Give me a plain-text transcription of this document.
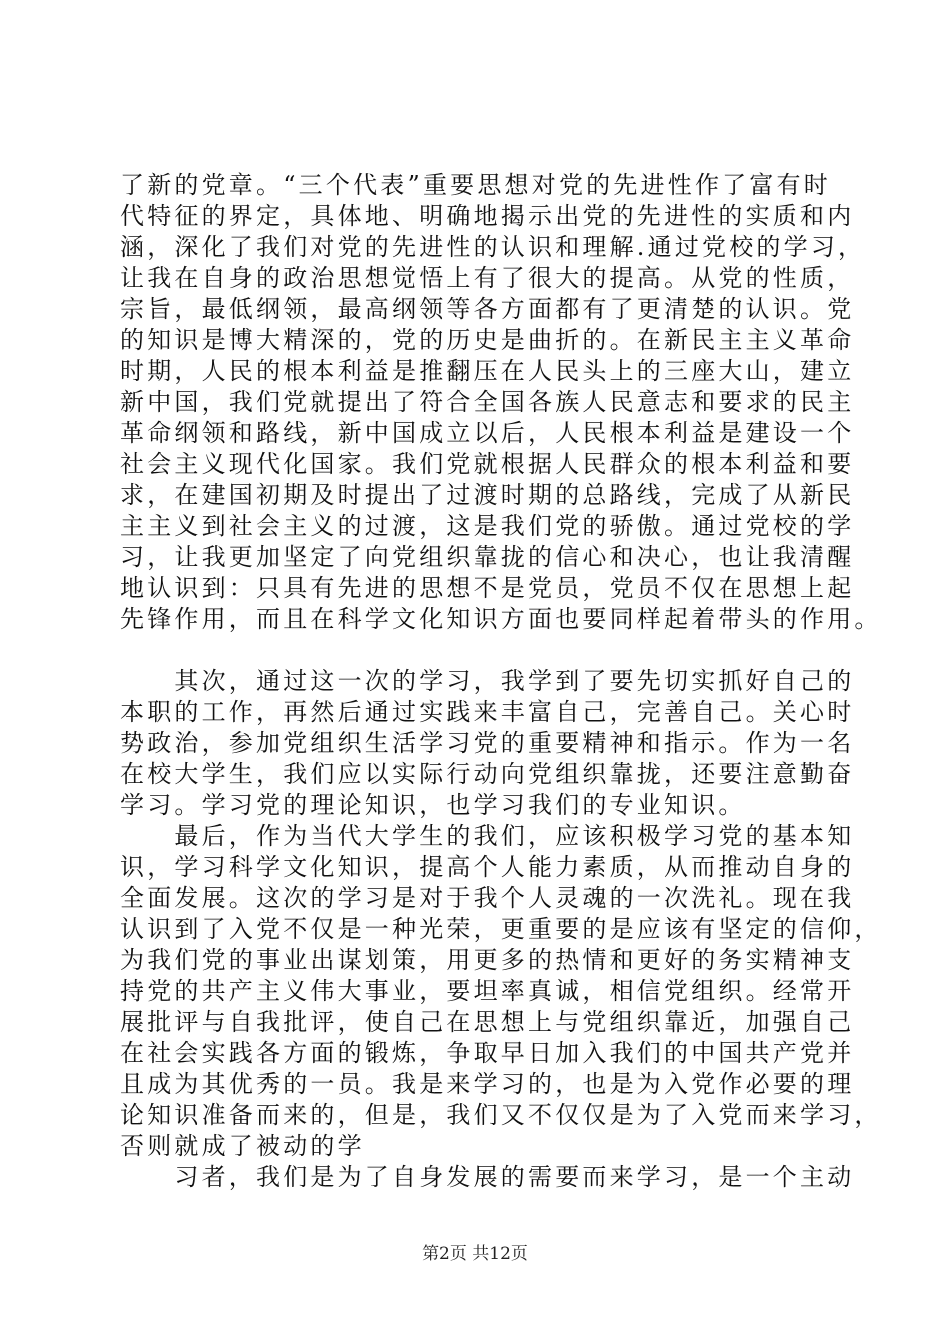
了新的党章。“三个代表”重要思想对党的先进性作了富有时
代特征的界定，具体地、明确地揭示出党的先进性的实质和内
涵，深化了我们对党的先进性的认识和理解.通过党校的学习，
让我在自身的政治思想觉悟上有了很大的提高。从党的性质，
宗旨，最低纲领，最高纲领等各方面都有了更清楚的认识。党
的知识是博大精深的，党的历史是曲折的。在新民主主义革命
时期，人民的根本利益是推翻压在人民头上的三座大山，建立
新中国，我们党就提出了符合全国各族人民意志和要求的民主
革命纲领和路线，新中国成立以后，人民根本利益是建设一个
社会主义现代化国家。我们党就根据人民群众的根本利益和要
求，在建国初期及时提出了过渡时期的总路线，完成了从新民
主主义到社会主义的过渡，这是我们党的骄傲。通过党校的学
习，让我更加坚定了向党组织靠拢的信心和决心，也让我清醒
地认识到：只具有先进的思想不是党员，党员不仅在思想上起
先锋作用，而且在科学文化知识方面也要同样起着带头的作用。
　　其次，通过这一次的学习，我学到了要先切实抓好自己的
本职的工作，再然后通过实践来丰富自己，完善自己。关心时
势政治，参加党组织生活学习党的重要精神和指示。作为一名
在校大学生，我们应以实际行动向党组织靠拢，还要注意勤奋
学习。学习党的理论知识，也学习我们的专业知识。
　　最后，作为当代大学生的我们，应该积极学习党的基本知
识，学习科学文化知识，提高个人能力素质，从而推动自身的
全面发展。这次的学习是对于我个人灵魂的一次洗礼。现在我
认识到了入党不仅是一种光荣，更重要的是应该有坚定的信仰，
为我们党的事业出谋划策，用更多的热情和更好的务实精神支
持党的共产主义伟大事业，要坦率真诚，相信党组织。经常开
展批评与自我批评，使自己在思想上与党组织靠近，加强自己
在社会实践各方面的锻炼，争取早日加入我们的中国共产党并
且成为其优秀的一员。我是来学习的，也是为入党作必要的理
论知识准备而来的，但是，我们又不仅仅是为了入党而来学习，
否则就成了被动的学
　　习者，我们是为了自身发展的需要而来学习，是一个主动
第2页 共12页
